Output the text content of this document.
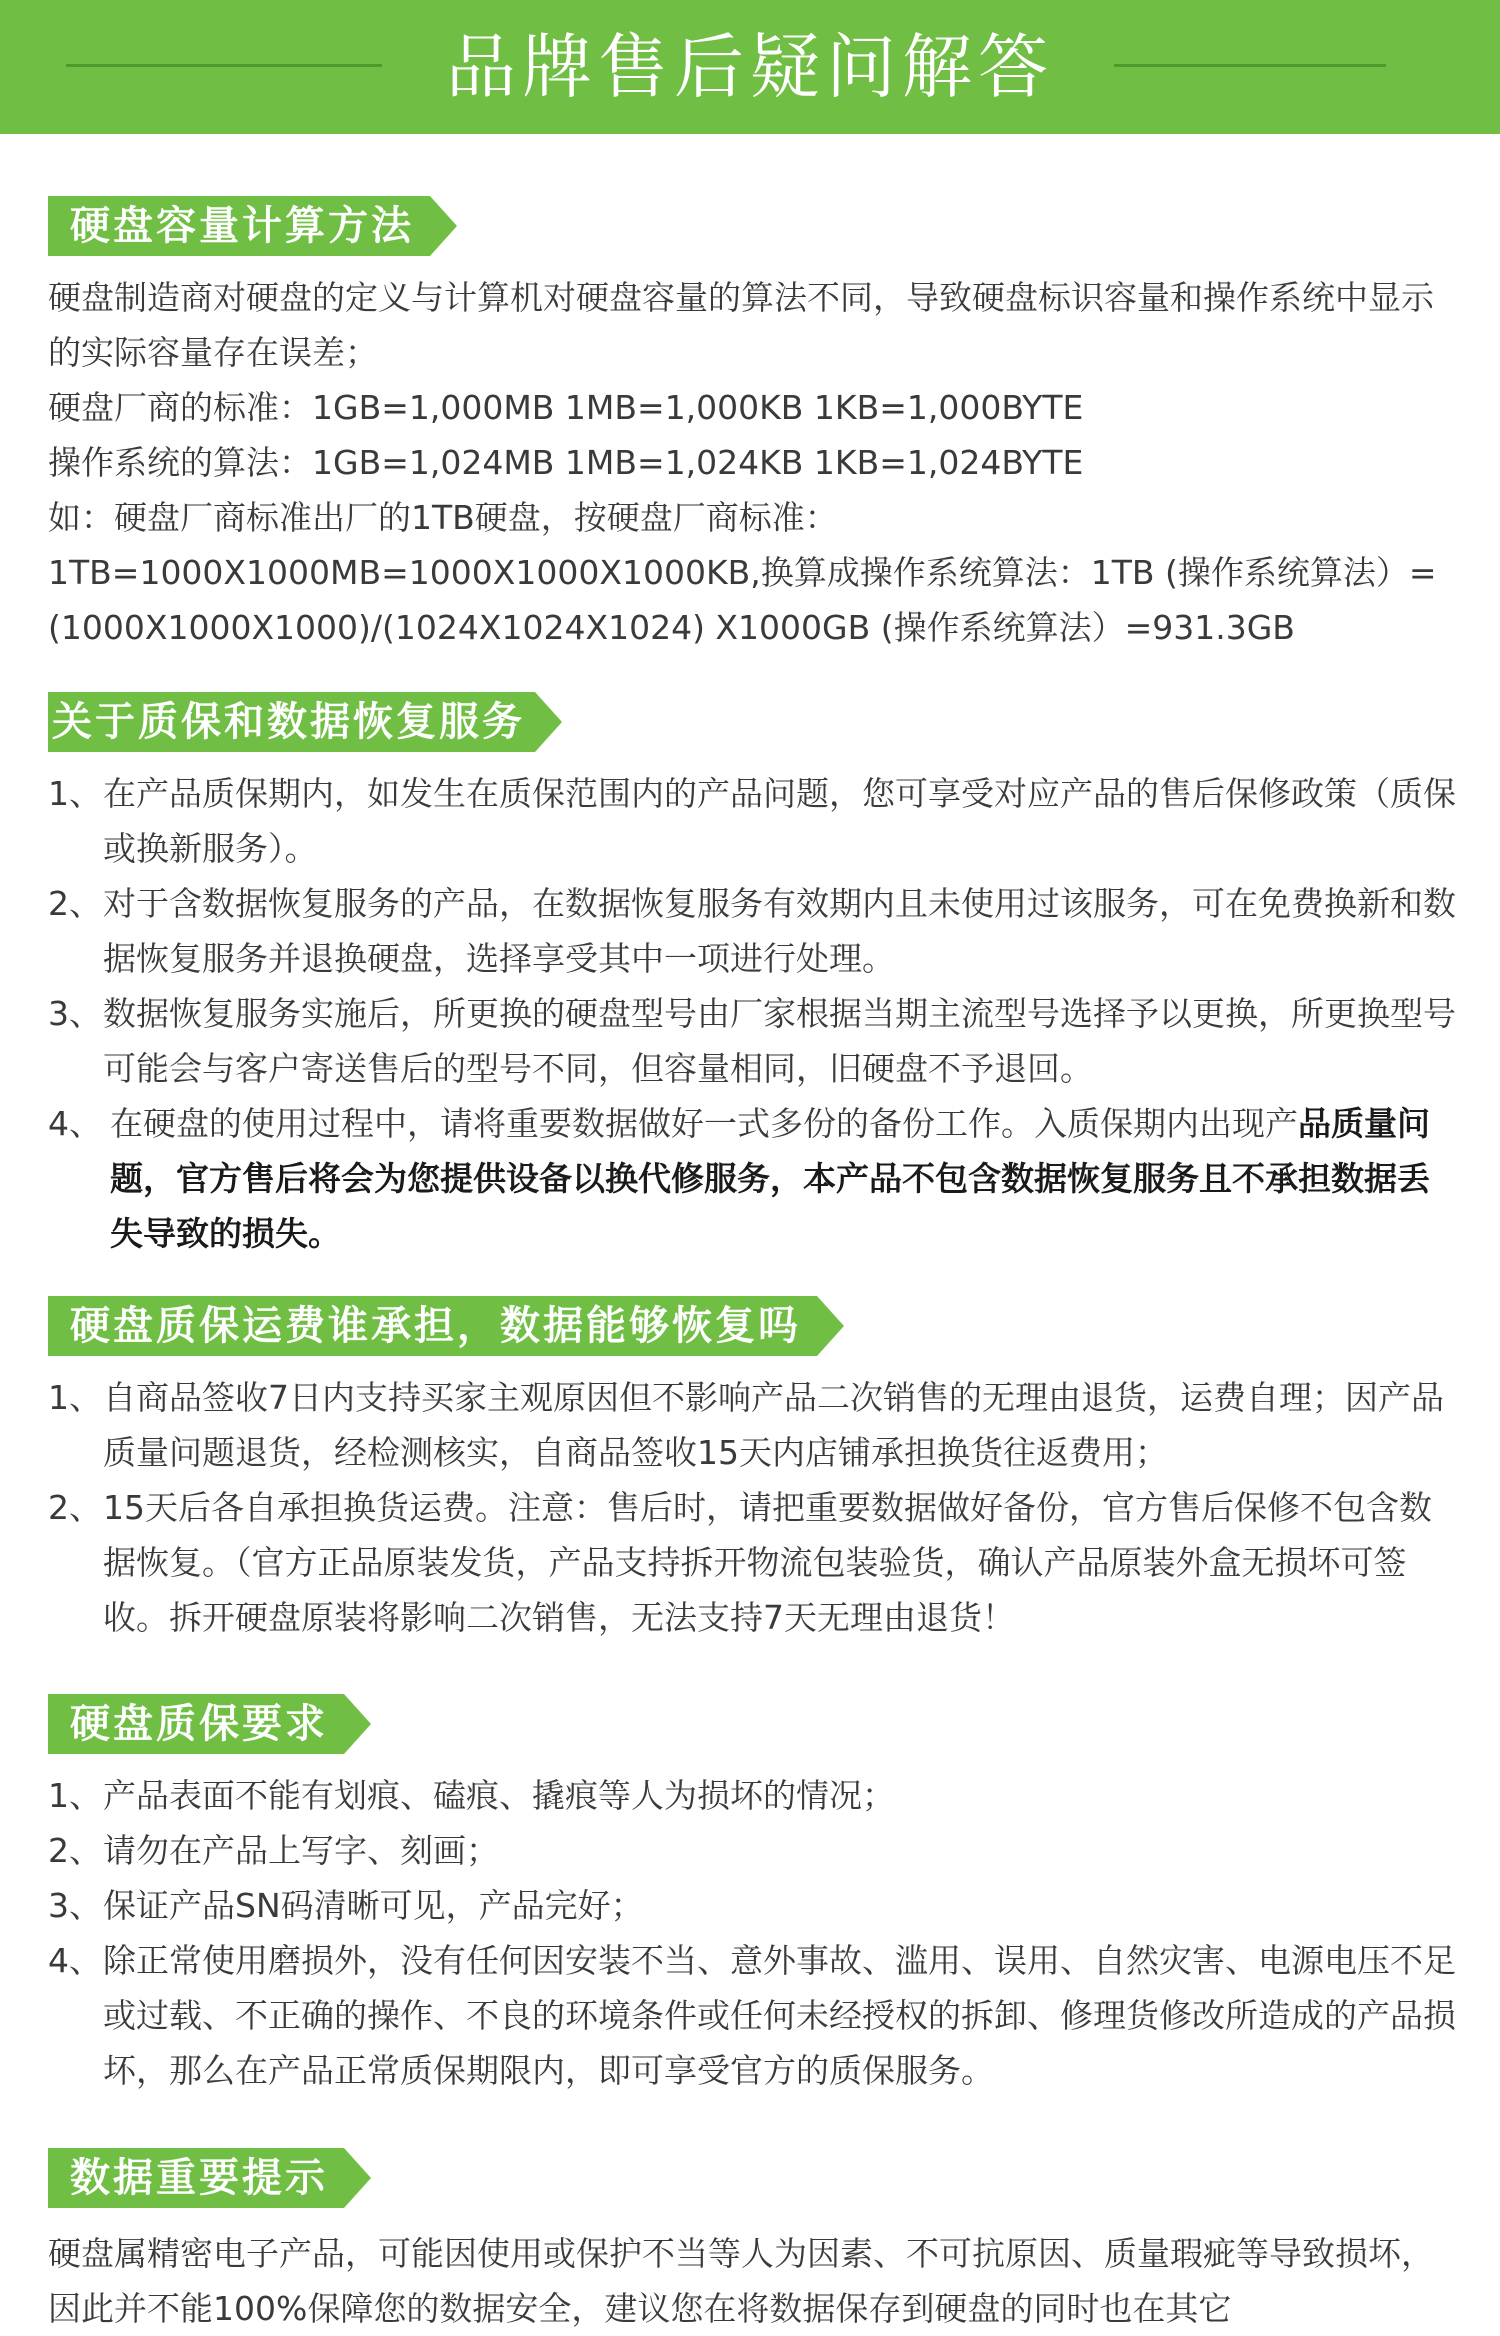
品牌售后疑问解答
硬盘容量计算方法

硬盘制造商对硬盘的定义与计算机对硬盘容量的算法不同，导致硬盘标识容量和操作系统中显示的实际容量存在误差；

硬盘厂商的标准：1GB=1,000MB 1MB=1,000KB 1KB=1,000BYTE

操作系统的算法：1GB=1,024MB 1MB=1,024KB 1KB=1,024BYTE

如：硬盘厂商标准出厂的1TB硬盘，按硬盘厂商标准：1TB=1000X1000MB=1000X1000X1000KB,换算成操作系统算法：1TB (操作系统算法）=(1000X1000X1000)/(1024X1024X1024) X1000GB (操作系统算法）=931.3GB

关于质保和数据恢复服务
1、 在产品质保期内，如发生在质保范围内的产品问题，您可享受对应产品的售后保修政策（质保或换新服务）。
2、 对于含数据恢复服务的产品，在数据恢复服务有效期内且未使用过该服务，可在免费换新和数据恢复服务并退换硬盘，选择享受其中一项进行处理。
3、 数据恢复服务实施后，所更换的硬盘型号由厂家根据当期主流型号选择予以更换，所更换型号可能会与客户寄送售后的型号不同，但容量相同，旧硬盘不予退回。
4、 在硬盘的使用过程中，请将重要数据做好一式多份的备份工作。入质保期内出现产品质量问题，官方售后将会为您提供设备以换代修服务，本产品不包含数据恢复服务且不承担数据丢失导致的损失。
硬盘质保运费谁承担，数据能够恢复吗
1、 自商品签收7日内支持买家主观原因但不影响产品二次销售的无理由退货，运费自理；因产品质量问题退货，经检测核实，自商品签收15天内店铺承担换货往返费用；
2、 15天后各自承担换货运费。注意：售后时，请把重要数据做好备份，官方售后保修不包含数据恢复。（官方正品原装发货，产品支持拆开物流包装验货，确认产品原装外盒无损坏可签收。拆开硬盘原装将影响二次销售，无法支持7天无理由退货！
硬盘质保要求
1、 产品表面不能有划痕、磕痕、撬痕等人为损坏的情况；
2、 请勿在产品上写字、刻画；
3、 保证产品SN码清晰可见，产品完好；
4、 除正常使用磨损外，没有任何因安装不当、意外事故、滥用、误用、自然灾害、电源电压不足或过载、不正确的操作、不良的环境条件或任何未经授权的拆卸、修理货修改所造成的产品损坏，那么在产品正常质保期限内，即可享受官方的质保服务。
数据重要提示

硬盘属精密电子产品，可能因使用或保护不当等人为因素、不可抗原因、质量瑕疵等导致损坏，因此并不能100%保障您的数据安全，建议您在将数据保存到硬盘的同时也在其它
